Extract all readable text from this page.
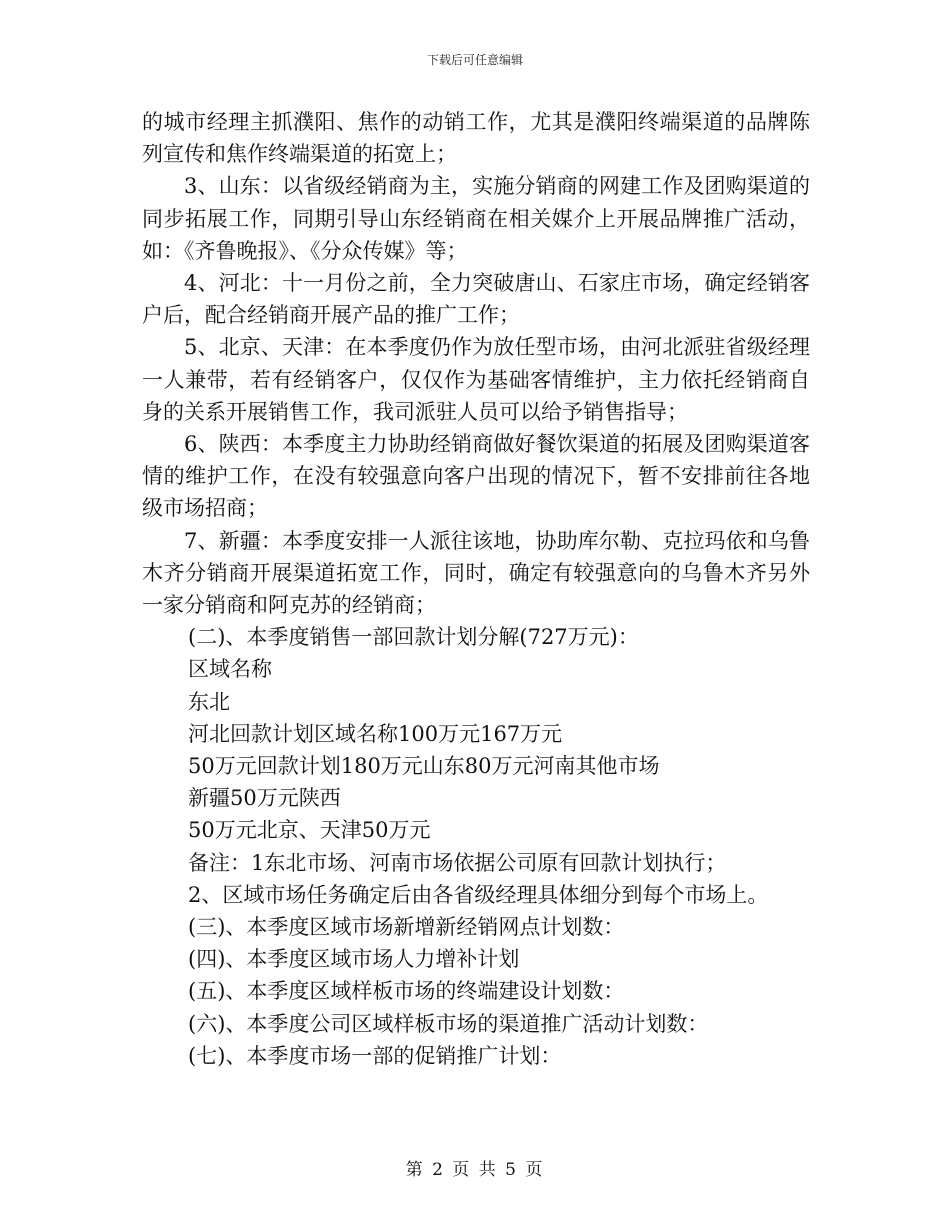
下载后可任意编辑

的城市经理主抓濮阳、焦作的动销工作，尤其是濮阳终端渠道的品牌陈列宣传和焦作终端渠道的拓宽上；

3、山东：以省级经销商为主，实施分销商的网建工作及团购渠道的同步拓展工作，同期引导山东经销商在相关媒介上开展品牌推广活动，如：《齐鲁晚报》、《分众传媒》等；

4、河北：十一月份之前，全力突破唐山、石家庄市场，确定经销客户后，配合经销商开展产品的推广工作；

5、北京、天津：在本季度仍作为放任型市场，由河北派驻省级经理一人兼带，若有经销客户，仅仅作为基础客情维护，主力依托经销商自身的关系开展销售工作，我司派驻人员可以给予销售指导；

6、陕西：本季度主力协助经销商做好餐饮渠道的拓展及团购渠道客情的维护工作，在没有较强意向客户出现的情况下，暂不安排前往各地级市场招商；

7、新疆：本季度安排一人派往该地，协助库尔勒、克拉玛依和乌鲁木齐分销商开展渠道拓宽工作，同时，确定有较强意向的乌鲁木齐另外一家分销商和阿克苏的经销商；

(二)、本季度销售一部回款计划分解(727万元)：

区域名称

东北

河北回款计划区域名称100万元167万元

50万元回款计划180万元山东80万元河南其他市场

新疆50万元陕西

50万元北京、天津50万元

备注：1东北市场、河南市场依据公司原有回款计划执行；

2、区域市场任务确定后由各省级经理具体细分到每个市场上。

(三)、本季度区域市场新增新经销网点计划数：

(四)、本季度区域市场人力增补计划

(五)、本季度区域样板市场的终端建设计划数：

(六)、本季度公司区域样板市场的渠道推广活动计划数：

(七)、本季度市场一部的促销推广计划：

第 2 页 共 5 页
